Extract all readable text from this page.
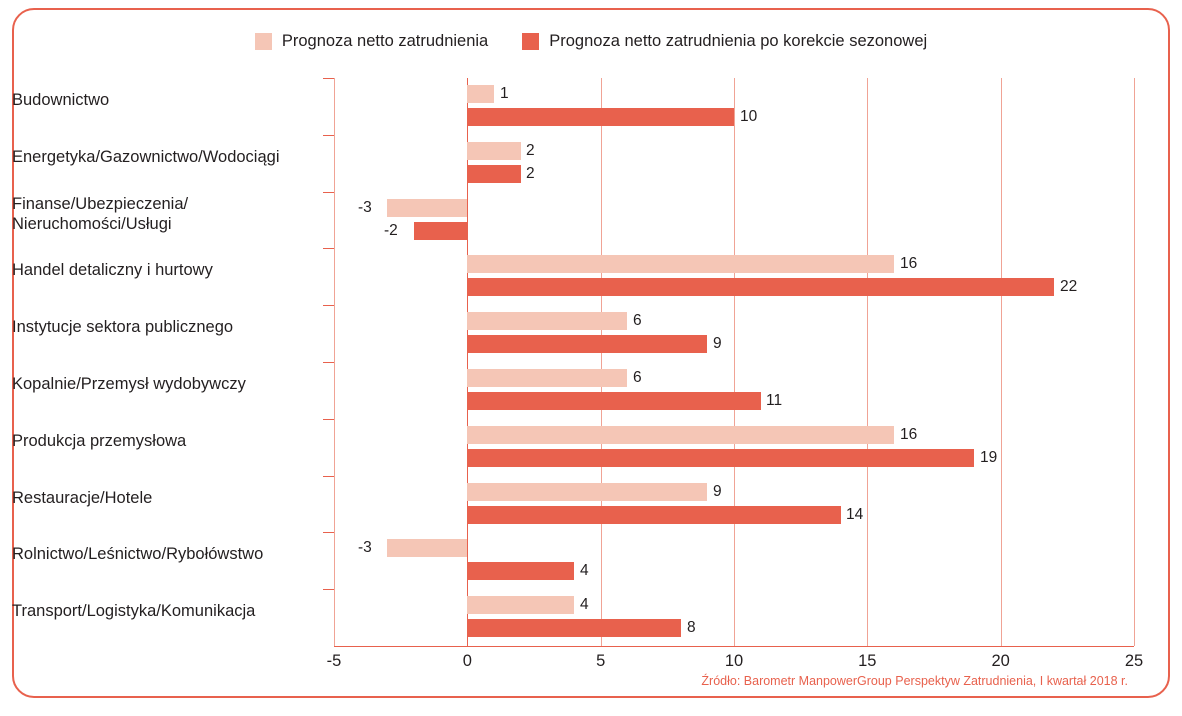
Prognoza netto zatrudnienia	Prognoza netto zatrudnienia po korekcie sezonowej
Budownictwo	1
10
Energetyka/Gazownictwo/Wodociągi	2
2
Finanse/Ubezpieczenia/
Nieruchomości/Usługi
-3
-2
Handel detaliczny i hurtowy	16
22
Instytucje sektora publicznego	6
9
Kopalnie/Przemysł wydobywczy	6
11
Produkcja przemysłowa	16
19
Restauracje/Hotele	9
14
Rolnictwo/Leśnictwo/Rybołówstwo	-3
4
Transport/Logistyka/Komunikacja	4
8
-5	0	5	10	15	20	25
Źródło: Barometr ManpowerGroup Perspektyw Zatrudnienia, I kwartał 2018 r.
